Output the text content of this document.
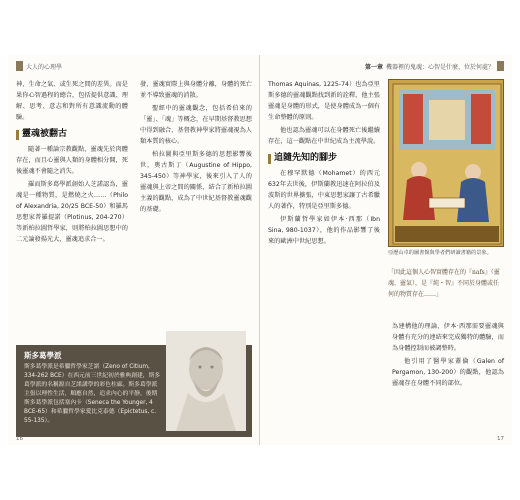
大人的心理學

神、生命之氣、或生死之間的差異。而是果你心智過程的總合，包括提供意識、理解、思考、意志和對所有意識流動的體驗。

靈魂被翻古

隨著一種論宗教觀點，靈魂先於肉體存在，而且心靈與人類的身體相分開，死後靈魂不會隨之消失。

羅而斯多葛學派創始人芝諾認為，靈魂是一種物質，是燃燒之火……（Philo of Alexandria, 20/25 BCE-50）和羅馬思想家普羅提諾（Plotinus, 204-270）等新柏拉圖哲學家，則將柏拉圖思想中的二元論發揚光大，靈魂追求合一。

發，靈魂實際上與身體分離，身體的死亡並不導致靈魂的消散。

聖經中的靈魂觀念，包括希伯來的「靈」、「魂」等概念，在早期基督教思想中得到融合，基督教神學家將靈魂視為人類本質的核心。

柏拉圖與亞里斯多德的思想影響後世，奧古斯丁（Augustine of Hippo, 345-450）等神學家，後來引入了人的靈魂與上帝之間的關係，結合了新柏拉圖主義的觀點，成為了中世紀基督教靈魂觀的基礎。

斯多葛學派
斯多葛學派是希臘哲學家芝諾（Zeno of Citium, 334-262 BCE）在西元前三世紀初於雅典創建，斯多葛學派的名稱源自芝諾講學的彩色柱廊。斯多葛學派主張以理性生活，順應自然，追求內心的平靜，後期斯多葛學派包括塞內卡（Seneca the Younger, 4 BCE-65）和希臘哲學家愛比克泰德（Epictetus, c. 55-135）。
16
第一章 機器裡的鬼魂：心智是什麼、位於何處？

Thomas Aquinas, 1225-74）也為亞里斯多德的靈魂觀點找到新的詮釋，他主張靈魂是身體的形式，是使身體成為一個有生命整體的原則。

他也認為靈魂可以在身體死亡後繼續存在，這一觀點在中世紀成為主流學說。

追隨先知的腳步

在穆罕默德（Mohamet）的西元632年去世後，伊斯蘭教迅速在阿拉伯及波斯的世界擴張，中東思想家讓了古希臘人的著作，特別是亞里斯多德。

伊斯蘭哲學家如伊本·西那（Ibn Sina, 980-1037），他的作品影響了後來的歐洲中世紀思想。

亞歷山卓的圖書館與學者們研讀書籍的景象。
「因此這個人心智實體存在的『nafs』（靈魂、靈氣），是『純・智』不同於身體或任何的物質存在……」

為建構他的理論，伊本·西那需要靈魂與身體有充分的連結來完成獨特的體驗，而為身體控制而被調整時。

他引用了醫學家蓋倫（Galen of Pergamon, 130-200）的觀點，他認為靈魂存在身體不同的部位。

17
